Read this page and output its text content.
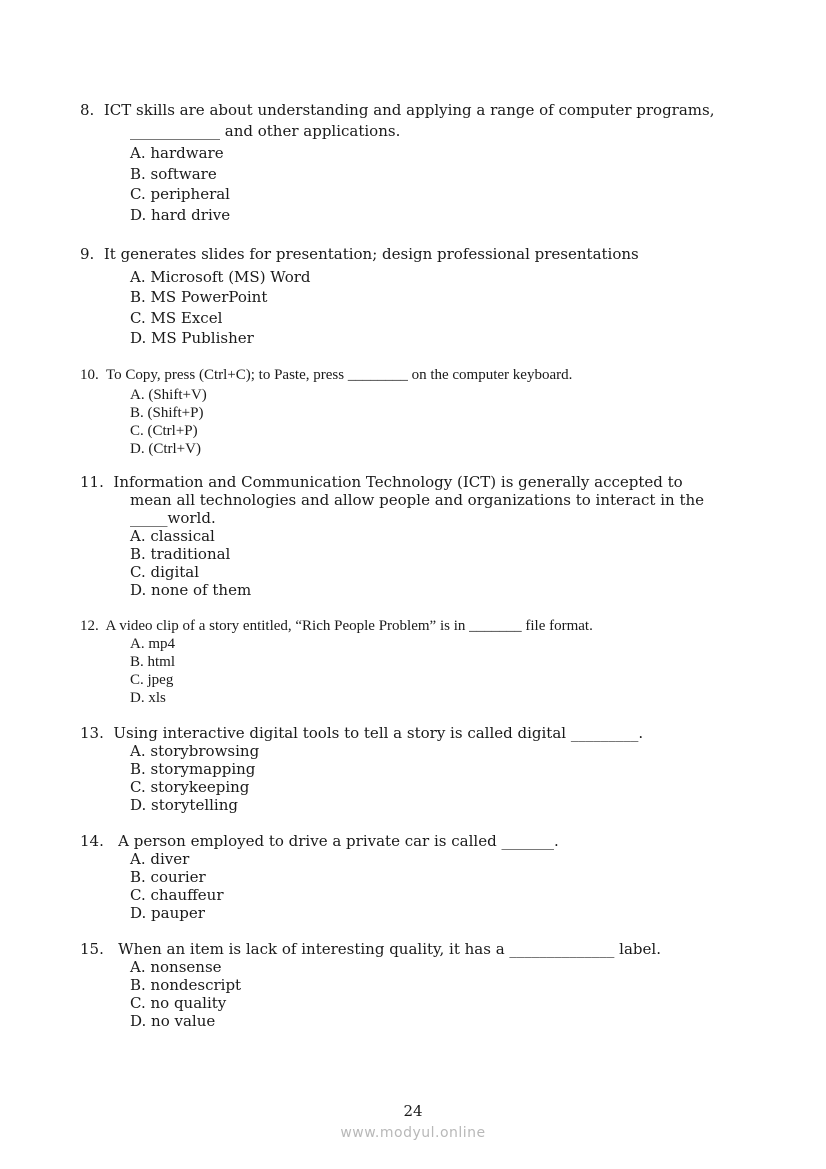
8. ICT skills are about understanding and applying a range of computer programs,
____________ and other applications.
A. hardware
B. software
C. peripheral
D. hard drive
9. It generates slides for presentation; design professional presentations
A. Microsoft (MS) Word
B. MS PowerPoint
C. MS Excel
D. MS Publisher
10. To Copy, press (Ctrl+C); to Paste, press ________ on the computer keyboard.
A. (Shift+V)
B. (Shift+P)
C. (Ctrl+P)
D. (Ctrl+V)
11. Information and Communication Technology (ICT) is generally accepted to
mean all technologies and allow people and organizations to interact in the
_____world.
A. classical
B. traditional
C. digital
D. none of them
12. A video clip of a story entitled, “Rich People Problem” is in _______ file format.
A. mp4
B. html
C. jpeg
D. xls
13. Using interactive digital tools to tell a story is called digital _________.
A. storybrowsing
B. storymapping
C. storykeeping
D. storytelling
14. A person employed to drive a private car is called _______.
A. diver
B. courier
C. chauffeur
D. pauper
15. When an item is lack of interesting quality, it has a ______________ label.
A. nonsense
B. nondescript
C. no quality
D. no value
24
www.modyul.online
